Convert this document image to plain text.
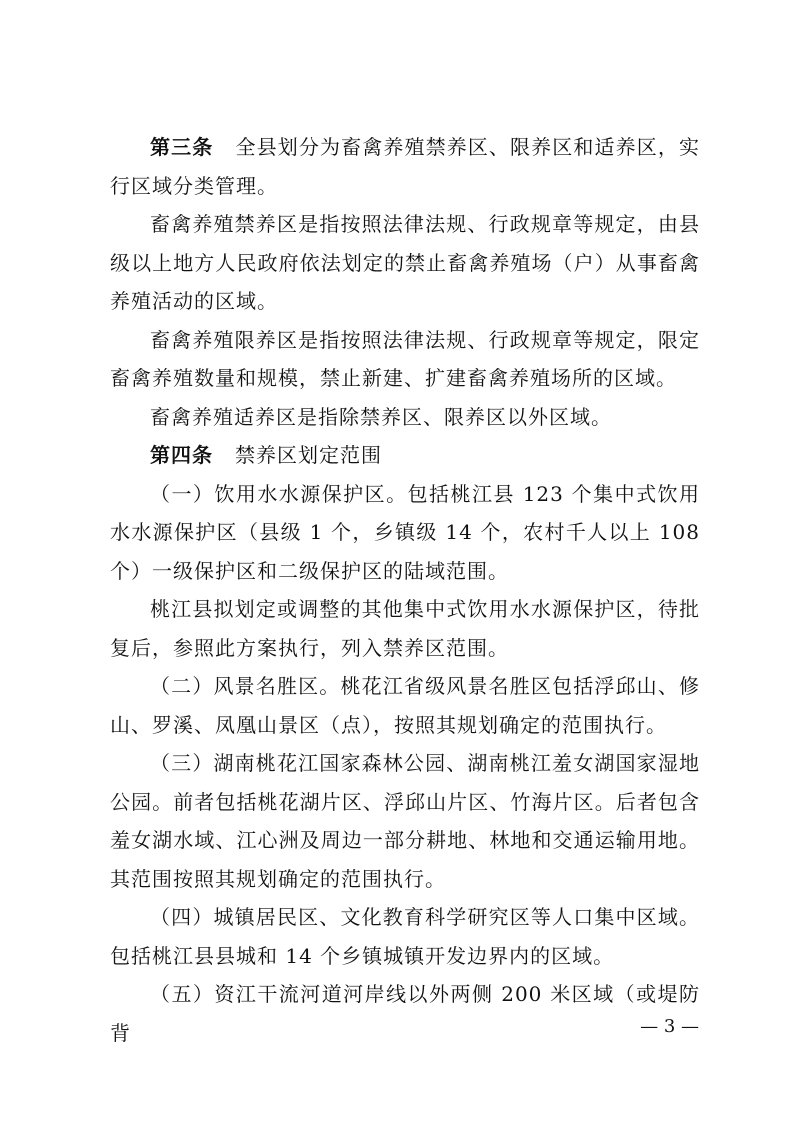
第三条 全县划分为畜禽养殖禁养区、限养区和适养区，实行区域分类管理。

畜禽养殖禁养区是指按照法律法规、行政规章等规定，由县级以上地方人民政府依法划定的禁止畜禽养殖场（户）从事畜禽养殖活动的区域。

畜禽养殖限养区是指按照法律法规、行政规章等规定，限定畜禽养殖数量和规模，禁止新建、扩建畜禽养殖场所的区域。

畜禽养殖适养区是指除禁养区、限养区以外区域。

第四条 禁养区划定范围

（一）饮用水水源保护区。包括桃江县 123 个集中式饮用水水源保护区（县级 1 个，乡镇级 14 个，农村千人以上 108 个）一级保护区和二级保护区的陆域范围。

桃江县拟划定或调整的其他集中式饮用水水源保护区，待批复后，参照此方案执行，列入禁养区范围。

（二）风景名胜区。桃花江省级风景名胜区包括浮邱山、修山、罗溪、凤凰山景区（点），按照其规划确定的范围执行。

（三）湖南桃花江国家森林公园、湖南桃江羞女湖国家湿地公园。前者包括桃花湖片区、浮邱山片区、竹海片区。后者包含羞女湖水域、江心洲及周边一部分耕地、林地和交通运输用地。其范围按照其规划确定的范围执行。

（四）城镇居民区、文化教育科学研究区等人口集中区域。包括桃江县县城和 14 个乡镇城镇开发边界内的区域。

（五）资江干流河道河岸线以外两侧 200 米区域（或堤防背	— 3 —
